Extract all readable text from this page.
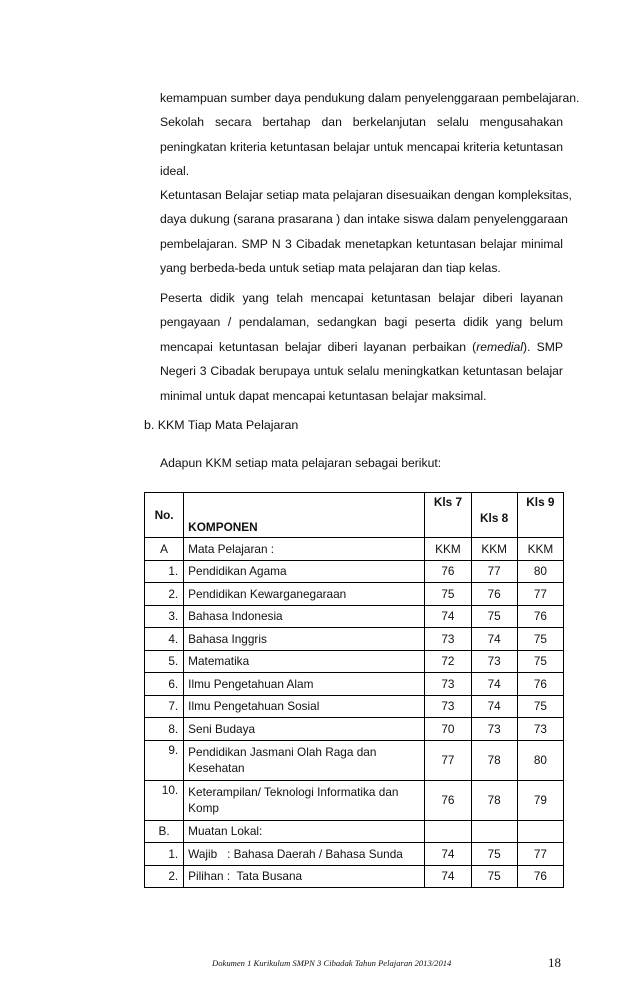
kemampuan sumber daya pendukung dalam penyelenggaraan pembelajaran.
Sekolah secara bertahap dan berkelanjutan selalu mengusahakan
peningkatan kriteria ketuntasan belajar untuk mencapai kriteria ketuntasan
ideal.
Ketuntasan Belajar setiap mata pelajaran disesuaikan dengan kompleksitas,
daya dukung (sarana prasarana ) dan intake siswa dalam penyelenggaraan
pembelajaran. SMP N 3 Cibadak menetapkan ketuntasan belajar minimal
yang berbeda-beda untuk setiap mata pelajaran dan tiap kelas.
Peserta didik yang telah mencapai ketuntasan belajar diberi layanan
pengayaan / pendalaman, sedangkan bagi peserta didik yang belum
mencapai ketuntasan belajar diberi layanan perbaikan (remedial). SMP
Negeri 3 Cibadak berupaya untuk selalu meningkatkan ketuntasan belajar
minimal untuk dapat mencapai ketuntasan belajar maksimal.
b. KKM Tiap Mata Pelajaran
Adapun KKM setiap mata pelajaran sebagai berikut:
No.	KOMPONEN	Kls 7	Kls 8	Kls 9
A	Mata Pelajaran :	KKM	KKM	KKM
1.	Pendidikan Agama	76	77	80
2.	Pendidikan Kewarganegaraan	75	76	77
3.	Bahasa Indonesia	74	75	76
4.	Bahasa Inggris	73	74	75
5.	Matematika	72	73	75
6.	Ilmu Pengetahuan Alam	73	74	76
7.	Ilmu Pengetahuan Sosial	73	74	75
8.	Seni Budaya	70	73	73
9.	Pendidikan Jasmani Olah Raga dan Kesehatan	77	78	80
10.	Keterampilan/ Teknologi Informatika dan Komp	76	78	79
B.	Muatan Lokal:			
1.	Wajib   : Bahasa Daerah / Bahasa Sunda	74	75	77
2.	Pilihan :  Tata Busana	74	75	76
Dokumen 1 Kurikulum SMPN 3 Cibadak Tahun Pelajaran 2013/2014	18
